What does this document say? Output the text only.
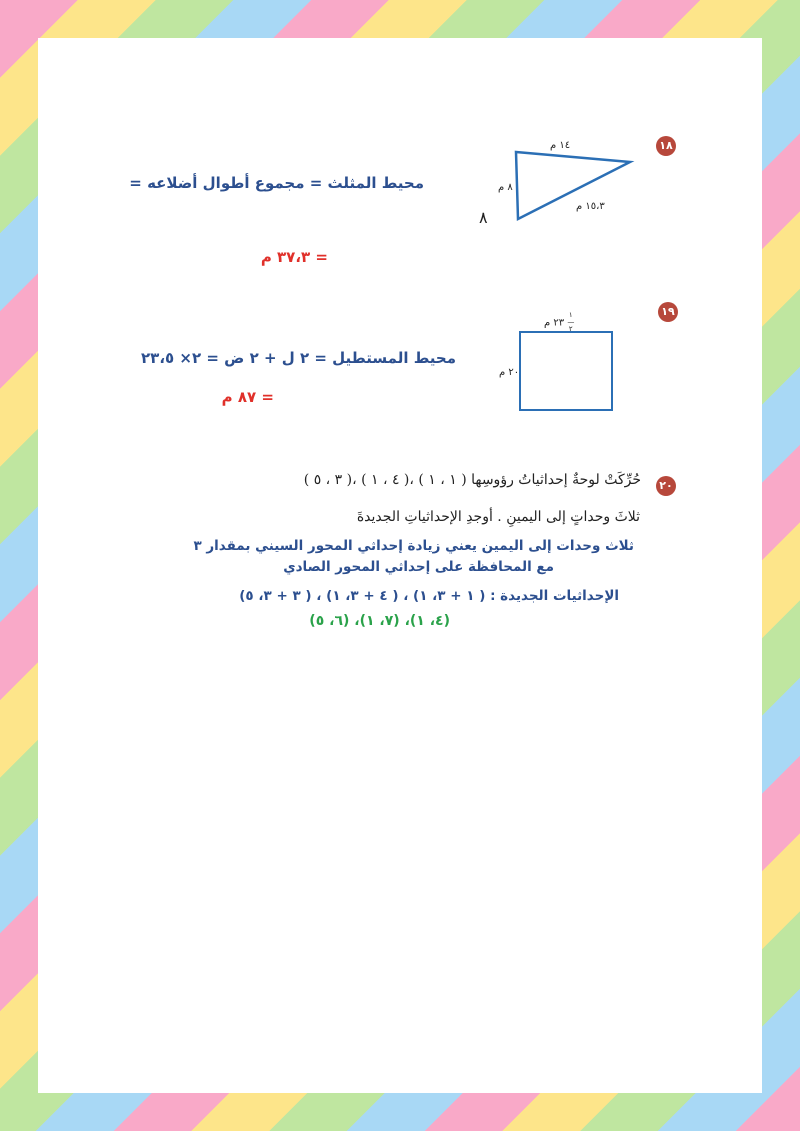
١٨
١٤ م
٨ م
١٥،٣ م
٨
محيط المثلث = مجموع أطوال أضلاعه =
= ٣٧،٣ م
١٩
١
—
٢ ٢٣ م
٢٠ م
محيط المستطيل = ٢ ل + ٢ ض = ٢× ٢٣،٥
= ٨٧ م
٢٠
حُرِّكَتْ لوحةٌ إحداثياتُ رؤوسِها ( ١ ، ١ ) ،( ٤ ، ١ ) ،( ٣ ، ٥ )
ثلاثَ وحداتٍ إلى اليمينِ . أوجدِ الإحداثياتِ الجديدةَ
ثلاث وحدات إلى اليمين يعني زيادة إحداثي المحور السيني بمقدار ٣
مع المحافظة على إحداثي المحور الصادي
الإحداثيات الجديدة : ( ١ + ٣، ١) ، ( ٤ + ٣، ١) ، ( ٣ + ٣، ٥)
(٤، ١)، (٧، ١)، (٦، ٥)
